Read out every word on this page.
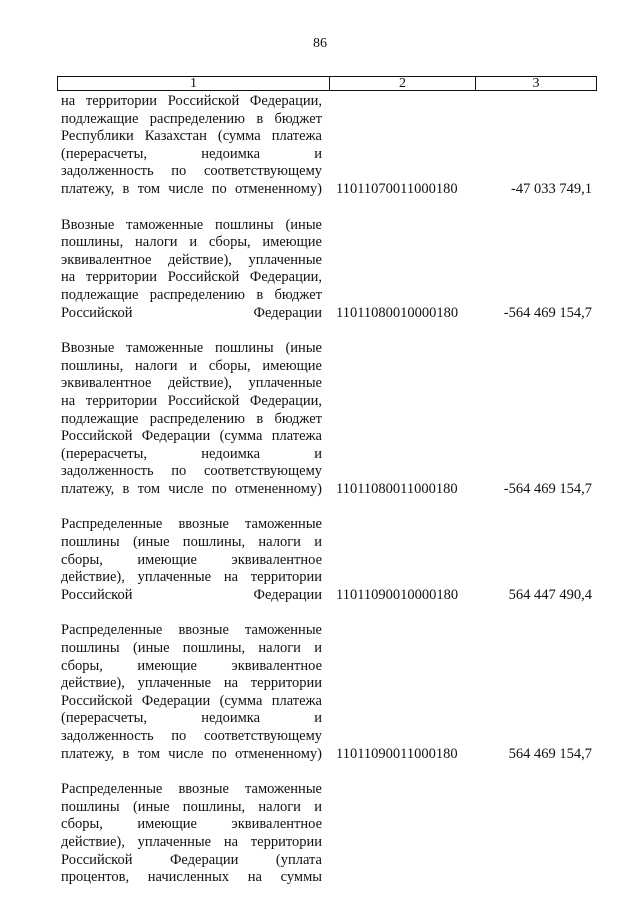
86
1	2	3
на территории Российской Федерации,
подлежащие распределению в бюджет
Республики Казахстан (сумма платежа
(перерасчеты, недоимка и
задолженность по соответствующему
платежу, в том числе по отмененному) 11011070011000180	-47 033 749,1
Ввозные таможенные пошлины (иные
пошлины, налоги и сборы, имеющие
эквивалентное действие), уплаченные
на территории Российской Федерации,
подлежащие распределению в бюджет
Российской Федерации 11011080010000180	-564 469 154,7
Ввозные таможенные пошлины (иные
пошлины, налоги и сборы, имеющие
эквивалентное действие), уплаченные
на территории Российской Федерации,
подлежащие распределению в бюджет
Российской Федерации (сумма платежа
(перерасчеты, недоимка и
задолженность по соответствующему
платежу, в том числе по отмененному) 11011080011000180	-564 469 154,7
Распределенные ввозные таможенные
пошлины (иные пошлины, налоги и
сборы, имеющие эквивалентное
действие), уплаченные на территории
Российской Федерации 11011090010000180	564 447 490,4
Распределенные ввозные таможенные
пошлины (иные пошлины, налоги и
сборы, имеющие эквивалентное
действие), уплаченные на территории
Российской Федерации (сумма платежа
(перерасчеты, недоимка и
задолженность по соответствующему
платежу, в том числе по отмененному) 11011090011000180	564 469 154,7
Распределенные ввозные таможенные
пошлины (иные пошлины, налоги и
сборы, имеющие эквивалентное
действие), уплаченные на территории
Российской Федерации (уплата
процентов, начисленных на суммы
